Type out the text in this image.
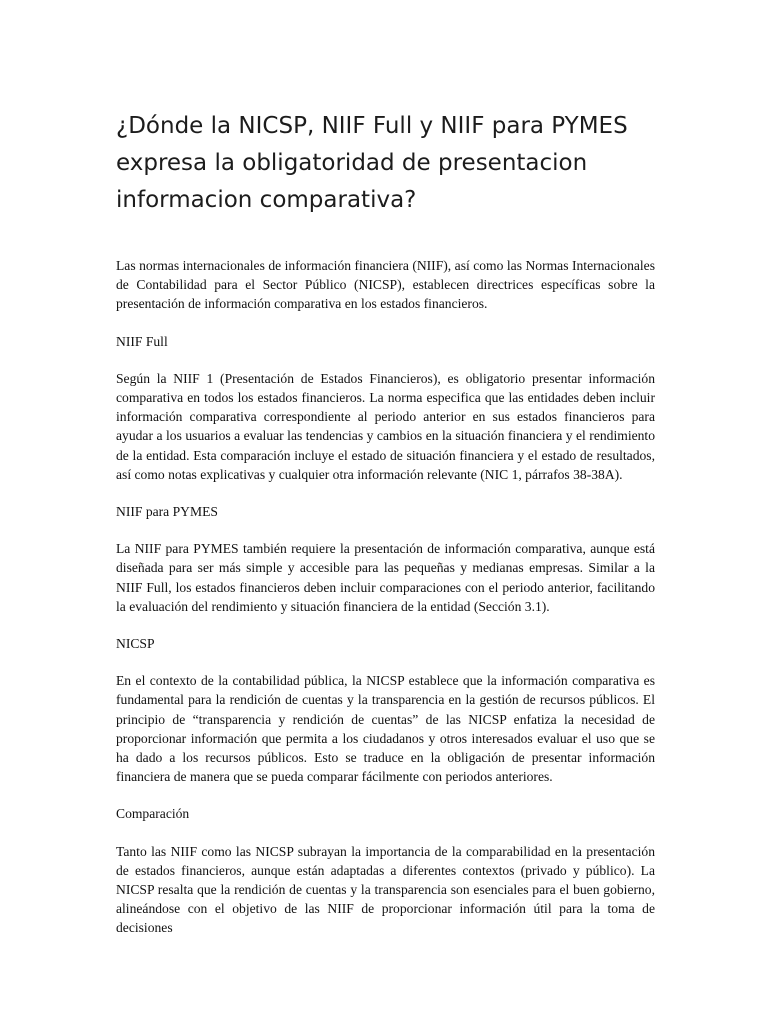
¿Dónde la NICSP, NIIF Full y NIIF para PYMES expresa la obligatoridad de presentacion informacion comparativa?

Las normas internacionales de información financiera (NIIF), así como las Normas Internacionales de Contabilidad para el Sector Público (NICSP), establecen directrices específicas sobre la presentación de información comparativa en los estados financieros.

NIIF Full

Según la NIIF 1 (Presentación de Estados Financieros), es obligatorio presentar información comparativa en todos los estados financieros. La norma especifica que las entidades deben incluir información comparativa correspondiente al periodo anterior en sus estados financieros para ayudar a los usuarios a evaluar las tendencias y cambios en la situación financiera y el rendimiento de la entidad. Esta comparación incluye el estado de situación financiera y el estado de resultados, así como notas explicativas y cualquier otra información relevante (NIC 1, párrafos 38-38A).

NIIF para PYMES

La NIIF para PYMES también requiere la presentación de información comparativa, aunque está diseñada para ser más simple y accesible para las pequeñas y medianas empresas. Similar a la NIIF Full, los estados financieros deben incluir comparaciones con el periodo anterior, facilitando la evaluación del rendimiento y situación financiera de la entidad (Sección 3.1).

NICSP

En el contexto de la contabilidad pública, la NICSP establece que la información comparativa es fundamental para la rendición de cuentas y la transparencia en la gestión de recursos públicos. El principio de “transparencia y rendición de cuentas” de las NICSP enfatiza la necesidad de proporcionar información que permita a los ciudadanos y otros interesados evaluar el uso que se ha dado a los recursos públicos. Esto se traduce en la obligación de presentar información financiera de manera que se pueda comparar fácilmente con periodos anteriores.

Comparación

Tanto las NIIF como las NICSP subrayan la importancia de la comparabilidad en la presentación de estados financieros, aunque están adaptadas a diferentes contextos (privado y público). La NICSP resalta que la rendición de cuentas y la transparencia son esenciales para el buen gobierno, alineándose con el objetivo de las NIIF de proporcionar información útil para la toma de decisiones
